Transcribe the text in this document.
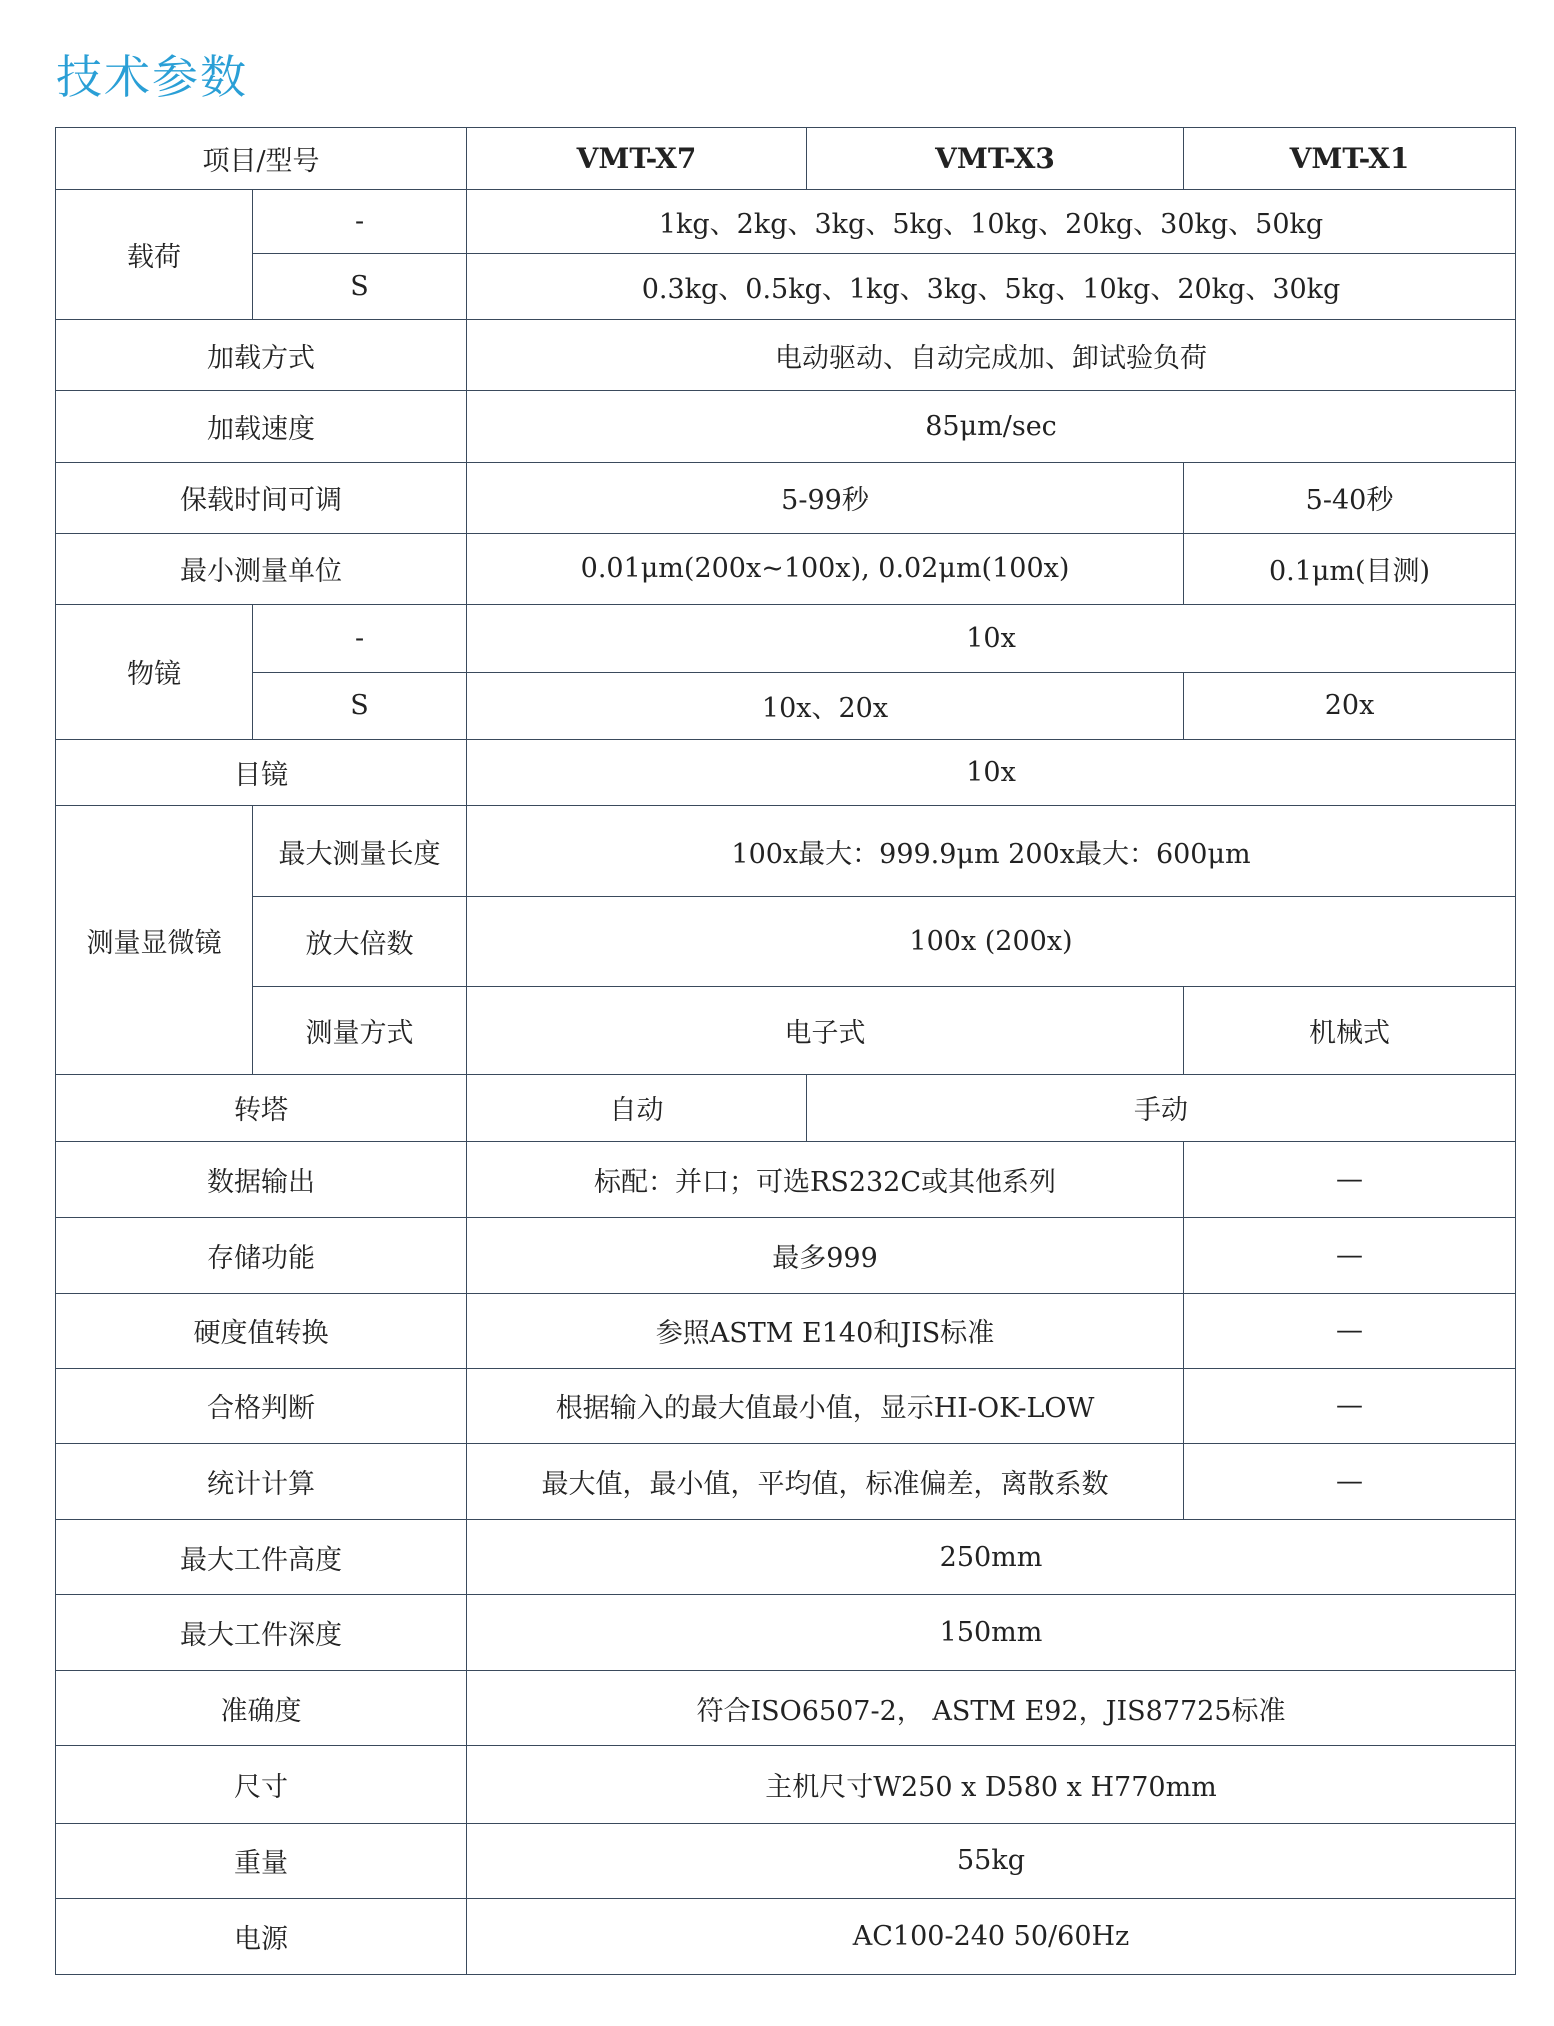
技术参数
项目/型号		VMT-X7	VMT-X3	VMT-X1
载荷	-	1kg、2kg、3kg、5kg、10kg、20kg、30kg、50kg		
	S	0.3kg、0.5kg、1kg、3kg、5kg、10kg、20kg、30kg		
加载方式		电动驱动、自动完成加、卸试验负荷		
加载速度		85μm/sec		
保载时间可调		5-99秒		5-40秒
最小测量单位		0.01μm(200x~100x), 0.02μm(100x)		0.1μm(目测)
物镜	-	10x		
	S	10x、20x		20x
目镜		10x		
测量显微镜	最大测量长度	100x最大：999.9μm 200x最大：600μm		
	放大倍数	100x (200x)		
	测量方式	电子式		机械式
转塔		自动	手动	
数据输出		标配：并口；可选RS232C或其他系列		—
存储功能		最多999		—
硬度值转换		参照ASTM E140和JIS标准		—
合格判断		根据输入的最大值最小值，显示HI-OK-LOW		—
统计计算		最大值，最小值，平均值，标准偏差，离散系数		—
最大工件高度		250mm		
最大工件深度		150mm		
准确度		符合ISO6507-2， ASTM E92，JIS87725标准		
尺寸		主机尺寸W250 x D580 x H770mm		
重量		55kg		
电源		AC100-240 50/60Hz		
